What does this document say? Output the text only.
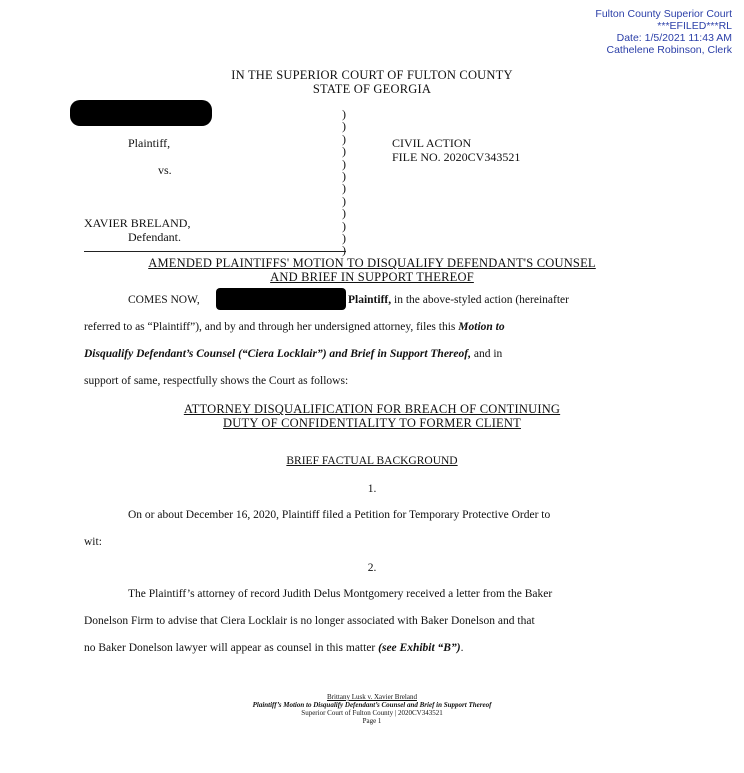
Fulton County Superior Court
***EFILED***RL
Date: 1/5/2021 11:43 AM
Cathelene Robinson, Clerk
IN THE SUPERIOR COURT OF FULTON COUNTY
STATE OF GEORGIA
Plaintiff,
vs.
XAVIER BRELAND,
Defendant.
)
)
)
)
)
)
)
)
)
)
)
)
CIVIL ACTION
FILE NO. 2020CV343521
AMENDED PLAINTIFFS' MOTION TO DISQUALIFY DEFENDANT'S COUNSEL
AND BRIEF IN SUPPORT THEREOF
COMES NOW,	Plaintiff, in the above-styled action (hereinafter
referred to as “Plaintiff”), and by and through her undersigned attorney, files this Motion to
Disqualify Defendant’s Counsel (“Ciera Locklair”) and Brief in Support Thereof, and in
support of same, respectfully shows the Court as follows:
ATTORNEY DISQUALIFICATION FOR BREACH OF CONTINUING
DUTY OF CONFIDENTIALITY TO FORMER CLIENT
BRIEF FACTUAL BACKGROUND
1.
On or about December 16, 2020, Plaintiff filed a Petition for Temporary Protective Order to
wit:
2.
The Plaintiff’s attorney of record Judith Delus Montgomery received a letter from the Baker
Donelson Firm to advise that Ciera Locklair is no longer associated with Baker Donelson and that
no Baker Donelson lawyer will appear as counsel in this matter (see Exhibit “B”).
Brittany Lusk v. Xavier Breland
Plaintiff’s Motion to Disqualify Defendant’s Counsel and Brief in Support Thereof
Superior Court of Fulton County | 2020CV343521
Page 1
